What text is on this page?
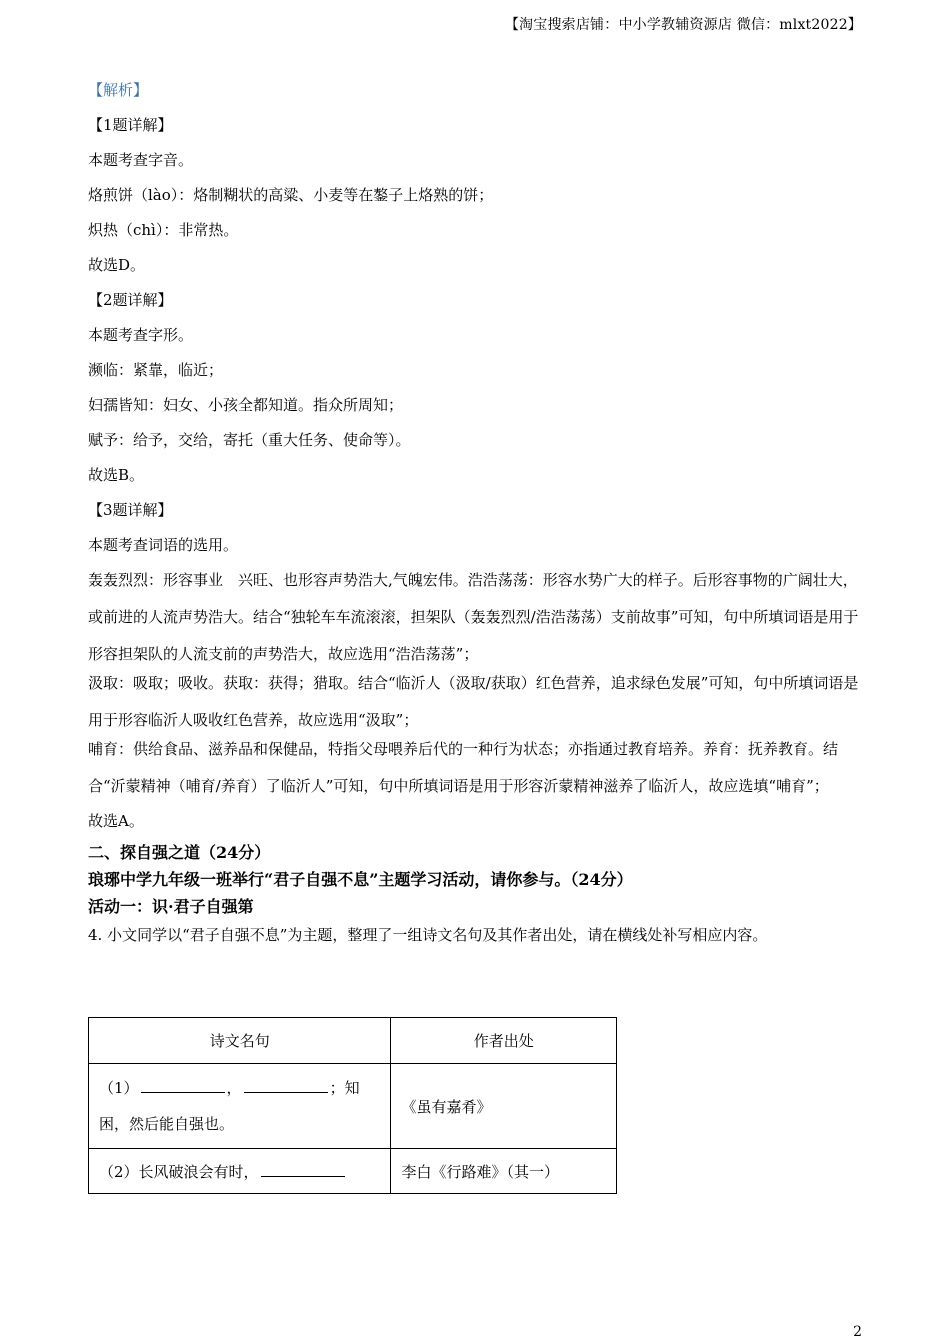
【淘宝搜索店铺：中小学教辅资源店 微信：mlxt2022】
【解析】
【1题详解】
本题考查字音。
烙煎饼（lào）：烙制糊状的高粱、小麦等在鏊子上烙熟的饼；
炽热（chì）：非常热。
故选D。
【2题详解】
本题考查字形。
濒临：紧靠，临近；
妇孺皆知：妇女、小孩全都知道。指众所周知；
赋予：给予，交给，寄托（重大任务、使命等）。
故选B。
【3题详解】
本题考查词语的选用。
轰轰烈烈：形容事业　兴旺、也形容声势浩大,气魄宏伟。浩浩荡荡：形容水势广大的样子。后形容事物的广阔壮大，或前进的人流声势浩大。结合“独轮车车流滚滚，担架队（轰轰烈烈/浩浩荡荡）支前故事”可知，句中所填词语是用于形容担架队的人流支前的声势浩大，故应选用“浩浩荡荡”；
汲取：吸取；吸收。获取：获得；猎取。结合“临沂人（汲取/获取）红色营养，追求绿色发展”可知，句中所填词语是用于形容临沂人吸收红色营养，故应选用“汲取”；
哺育：供给食品、滋养品和保健品，特指父母喂养后代的一种行为状态；亦指通过教育培养。养育：抚养教育。结合“沂蒙精神（哺育/养育）了临沂人”可知，句中所填词语是用于形容沂蒙精神滋养了临沂人，故应选填“哺育”；
故选A。
二、探自强之道（24分）
琅琊中学九年级一班举行“君子自强不息”主题学习活动，请你参与。（24分）
活动一：识·君子自强第
4. 小文同学以“君子自强不息”为主题，整理了一组诗文名句及其作者出处，请在横线处补写相应内容。
诗文名句	作者出处

（1） ， ；知
困，然后能自强也。	《虽有嘉肴》
（2）长风破浪会有时，	李白《行路难》（其一）
2
